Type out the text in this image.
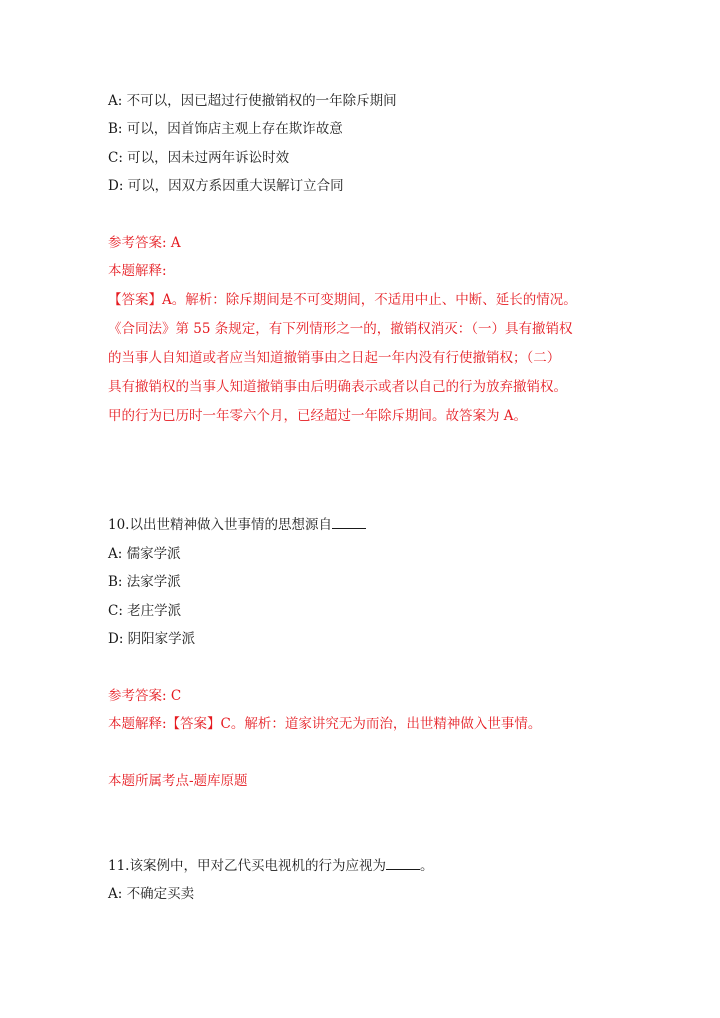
A: 不可以，因已超过行使撤销权的一年除斥期间
B: 可以，因首饰店主观上存在欺诈故意
C: 可以，因未过两年诉讼时效
D: 可以，因双方系因重大误解订立合同
参考答案: A
本题解释:
【答案】A。解析：除斥期间是不可变期间，不适用中止、中断、延长的情况。
《合同法》第 55 条规定，有下列情形之一的，撤销权消灭：（一）具有撤销权
的当事人自知道或者应当知道撤销事由之日起一年内没有行使撤销权；（二）
具有撤销权的当事人知道撤销事由后明确表示或者以自己的行为放弃撤销权。
甲的行为已历时一年零六个月，已经超过一年除斥期间。故答案为 A。
10.以出世精神做入世事情的思想源自
A: 儒家学派
B: 法家学派
C: 老庄学派
D: 阴阳家学派
参考答案: C
本题解释:【答案】C。解析：道家讲究无为而治，出世精神做入世事情。
本题所属考点-题库原题
11.该案例中，甲对乙代买电视机的行为应视为	。
A: 不确定买卖
